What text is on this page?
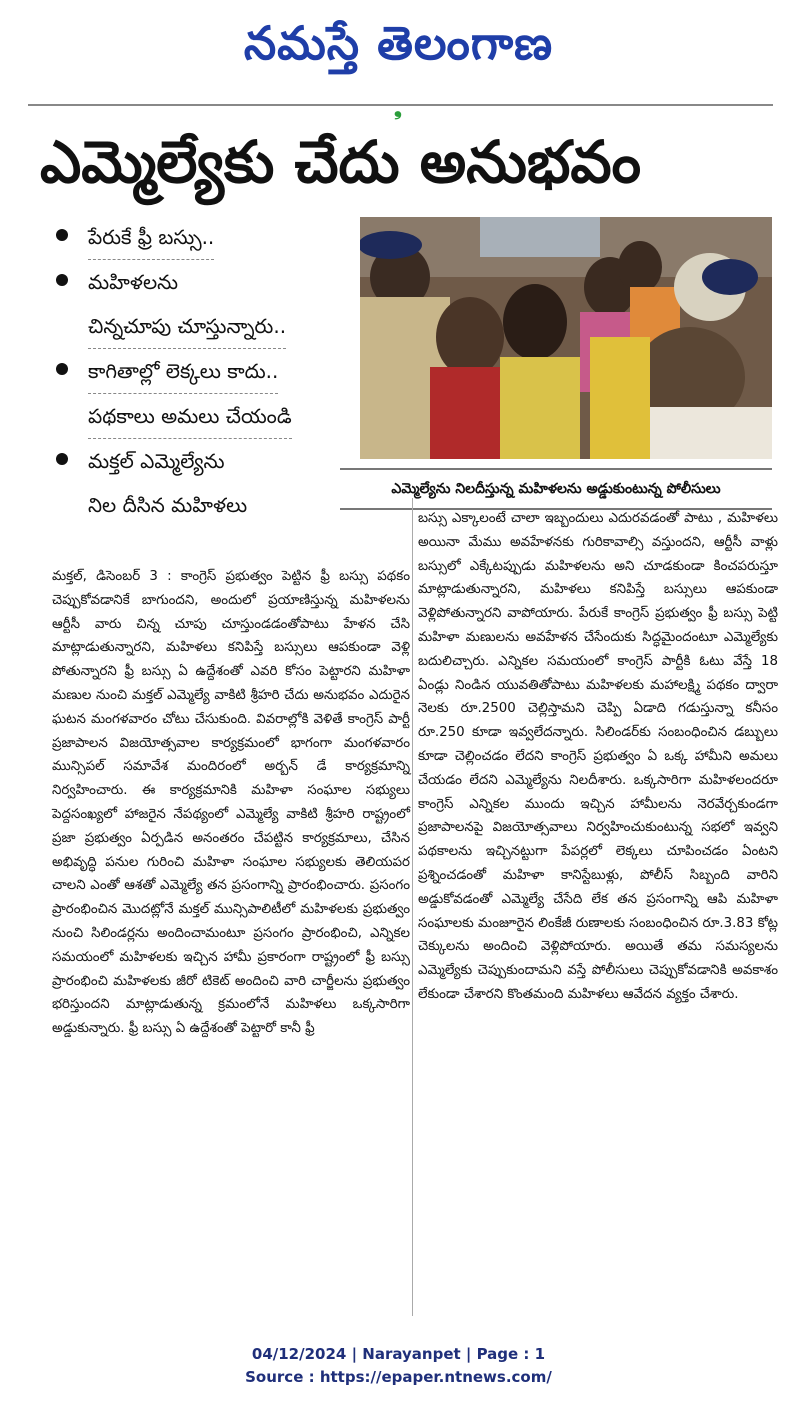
నమస్తే తెలంగాణ
❟
ఎమ్మెల్యేకు చేదు అనుభవం
పేరుకే ఫ్రీ బస్సు..
మహిళలను
చిన్నచూపు చూస్తున్నారు..
కాగితాల్లో లెక్కలు కాదు..
పథకాలు అమలు చేయండి
మక్తల్ ఎమ్మెల్యేను
నిల దీసిన మహిళలు
ఎమ్మెల్యేను నిలదీస్తున్న మహిళలను అడ్డుకుంటున్న పోలీసులు

మక్తల్, డిసెంబర్ 3 : కాంగ్రెస్ ప్రభుత్వం పెట్టిన ఫ్రీ బస్సు పథకం చెప్పుకోవడానికే బాగుందని, అందులో ప్రయాణిస్తున్న మహిళలను ఆర్టీసీ వారు చిన్న చూపు చూస్తుండడంతోపాటు హేళన చేసి మాట్లాడుతున్నారని, మహిళలు కనిపిస్తే బస్సులు ఆపకుండా వెళ్లి పోతున్నారని ఫ్రీ బస్సు ఏ ఉద్దేశంతో ఎవరి కోసం పెట్టారని మహిళా మణుల నుంచి మక్తల్ ఎమ్మెల్యే వాకిటి శ్రీహరి చేదు అనుభవం ఎదురైన ఘటన మంగళవారం చోటు చేసుకుంది. వివరాల్లోకి వెళితే కాంగ్రెస్ పార్టీ ప్రజాపాలన విజయోత్సవాల కార్యక్రమంలో భాగంగా మంగళవారం మున్సిపల్ సమావేశ మందిరంలో అర్బన్ డే కార్యక్రమాన్ని నిర్వహించారు. ఈ కార్యక్రమానికి మహిళా సంఘాల సభ్యులు పెద్దసంఖ్యలో హాజరైన నేపథ్యంలో ఎమ్మెల్యే వాకిటి శ్రీహరి రాష్ట్రంలో ప్రజా ప్రభుత్వం ఏర్పడిన అనంతరం చేపట్టిన కార్యక్రమాలు, చేసిన అభివృద్ధి పనుల గురించి మహిళా సంఘాల సభ్యులకు తెలియపర చాలని ఎంతో ఆశతో ఎమ్మెల్యే తన ప్రసంగాన్ని ప్రారంభించారు. ప్రసంగం ప్రారంభించిన మొదట్లోనే మక్తల్ మున్సిపాలిటీలో మహిళలకు ప్రభుత్వం నుంచి సిలిండర్లను అందించామంటూ ప్రసంగం ప్రారంభించి, ఎన్నికల సమయంలో మహిళలకు ఇచ్చిన హామీ ప్రకారంగా రాష్ట్రంలో ఫ్రీ బస్సు ప్రారంభించి మహిళలకు జీరో టికెట్ అందించి వారి చార్జీలను ప్రభుత్వం భరిస్తుందని మాట్లాడుతున్న క్రమంలోనే మహిళలు ఒక్కసారిగా అడ్డుకున్నారు. ఫ్రీ బస్సు ఏ ఉద్దేశంతో పెట్టారో కానీ ఫ్రీ

బస్సు ఎక్కాలంటే చాలా ఇబ్బందులు ఎదురవడంతో పాటు , మహిళలు అయినా మేము అవహేళనకు గురికావాల్సి వస్తుందని, ఆర్టీసీ వాళ్లు బస్సులో ఎక్కేటప్పుడు మహిళలను అని చూడకుండా కించపరుస్తూ మాట్లాడుతున్నారని, మహిళలు కనిపిస్తే బస్సులు ఆపకుండా వెళ్లిపోతున్నారని వాపోయారు. పేరుకే కాంగ్రెస్ ప్రభుత్వం ఫ్రీ బస్సు పెట్టి మహిళా మణులను అవహేళన చేసేందుకు సిద్ధమైందంటూ ఎమ్మెల్యేకు బదులిచ్చారు. ఎన్నికల సమయంలో కాంగ్రెస్ పార్టీకి ఓటు వేస్తే 18 ఏండ్లు నిండిన యువతితోపాటు మహిళలకు మహాలక్ష్మి పథకం ద్వారా నెలకు రూ.2500 చెల్లిస్తామని చెప్పి ఏడాది గడుస్తున్నా కనీసం రూ.250 కూడా ఇవ్వలేదన్నారు. సిలిండర్‌కు సంబంధించిన డబ్బులు కూడా చెల్లించడం లేదని కాంగ్రెస్ ప్రభుత్వం ఏ ఒక్క హామీని అమలు చేయడం లేదని ఎమ్మెల్యేను నిలదీశారు. ఒక్కసారిగా మహిళలందరూ కాంగ్రెస్ ఎన్నికల ముందు ఇచ్చిన హామీలను నెరవేర్చకుండగా ప్రజాపాలనపై విజయోత్సవాలు నిర్వహించుకుంటున్న సభలో ఇవ్వని పథకాలను ఇచ్చినట్టుగా పేపర్లలో లెక్కలు చూపించడం ఏంటని ప్రశ్నించడంతో మహిళా కానిస్టేబుళ్లు, పోలీస్ సిబ్బంది వారిని అడ్డుకోవడంతో ఎమ్మెల్యే చేసేది లేక తన ప్రసంగాన్ని ఆపి మహిళా సంఘాలకు మంజూరైన లింకేజీ రుణాలకు సంబంధించిన రూ.3.83 కోట్ల చెక్కులను అందించి వెళ్లిపోయారు. అయితే తమ సమస్యలను ఎమ్మెల్యేకు చెప్పుకుందామని వస్తే పోలీసులు చెప్పుకోవడానికి అవకాశం లేకుండా చేశారని కొంతమంది మహిళలు ఆవేదన వ్యక్తం చేశారు.

04/12/2024 | Narayanpet | Page : 1
Source : https://epaper.ntnews.com/
